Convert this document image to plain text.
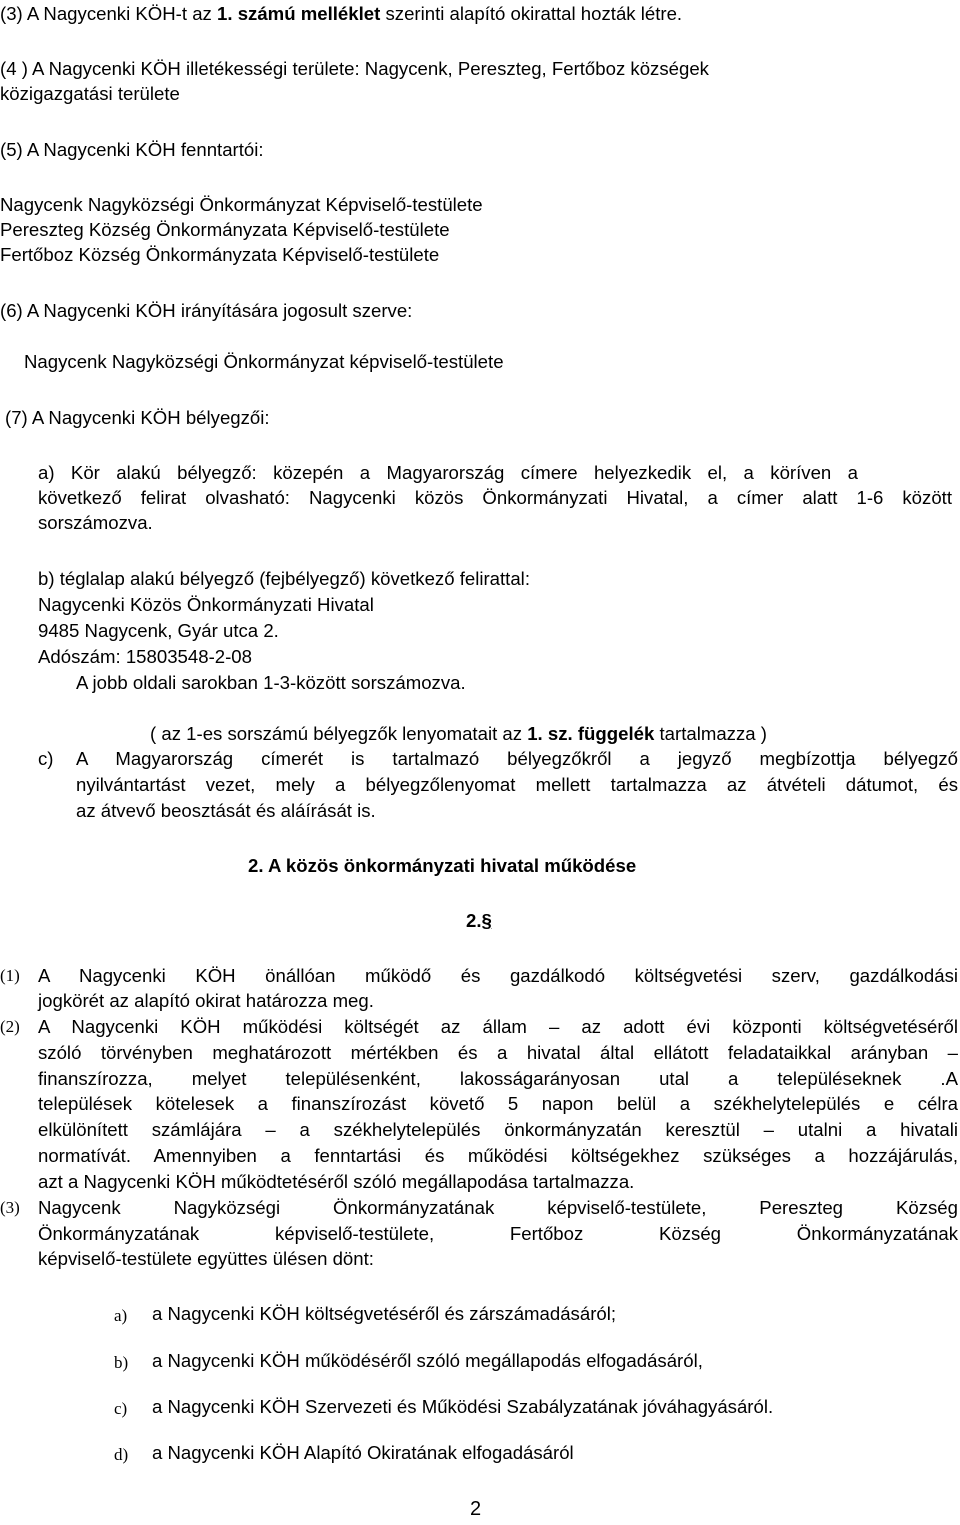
(3) A Nagycenki KÖH-t az 1. számú melléklet szerinti alapító okirattal hozták létre.
(4 ) A Nagycenki KÖH illetékességi területe: Nagycenk, Pereszteg, Fertőboz községek
közigazgatási területe
(5) A Nagycenki KÖH fenntartói:
Nagycenk Nagyközségi Önkormányzat Képviselő-testülete
Pereszteg Község Önkormányzata Képviselő-testülete
Fertőboz Község Önkormányzata Képviselő-testülete
(6) A Nagycenki KÖH irányítására jogosult szerve:
Nagycenk Nagyközségi Önkormányzat képviselő-testülete
(7) A Nagycenki KÖH bélyegzői:
a) Kör alakú bélyegző: közepén a Magyarország címere helyezkedik el, a köríven a
következő felirat olvasható: Nagycenki közös Önkormányzati Hivatal, a címer alatt 1-6 között
sorszámozva.
b) téglalap alakú bélyegző (fejbélyegző) következő felirattal:
Nagycenki Közös Önkormányzati Hivatal
9485 Nagycenk, Gyár utca 2.
Adószám: 15803548-2-08
A jobb oldali sarokban 1-3-között sorszámozva.
( az 1-es sorszámú bélyegzők lenyomatait az 1. sz. függelék tartalmazza )
c) A Magyarország címerét is tartalmazó bélyegzőkről a jegyző megbízottja bélyegző
nyilvántartást vezet, mely a bélyegzőlenyomat mellett tartalmazza az átvételi dátumot, és
az átvevő beosztását és aláírását is.
2. A közös önkormányzati hivatal működése
2.§
(1) A Nagycenki KÖH önállóan működő és gazdálkodó költségvetési szerv, gazdálkodási
jogkörét az alapító okirat határozza meg.
(2) A Nagycenki KÖH működési költségét az állam – az adott évi központi költségvetéséről
szóló törvényben meghatározott mértékben és a hivatal által ellátott feladataikkal arányban –
finanszírozza, melyet településenként, lakosságarányosan utal a településeknek .A
települések kötelesek a finanszírozást követő 5 napon belül a székhelytelepülés e célra
elkülönített számlájára – a székhelytelepülés önkormányzatán keresztül – utalni a hivatali
normatívát. Amennyiben a fenntartási és működési költségekhez szükséges a hozzájárulás,
azt a Nagycenki KÖH működtetéséről szóló megállapodása tartalmazza.
(3) Nagycenk Nagyközségi Önkormányzatának képviselő-testülete, Pereszteg Község
Önkormányzatának képviselő-testülete, Fertőboz Község Önkormányzatának
képviselő-testülete együttes ülésen dönt:
a) a Nagycenki KÖH költségvetéséről és zárszámadásáról;
b) a Nagycenki KÖH működéséről szóló megállapodás elfogadásáról,
c) a Nagycenki KÖH Szervezeti és Működési Szabályzatának jóváhagyásáról.
d) a Nagycenki KÖH Alapító Okiratának elfogadásáról
2
